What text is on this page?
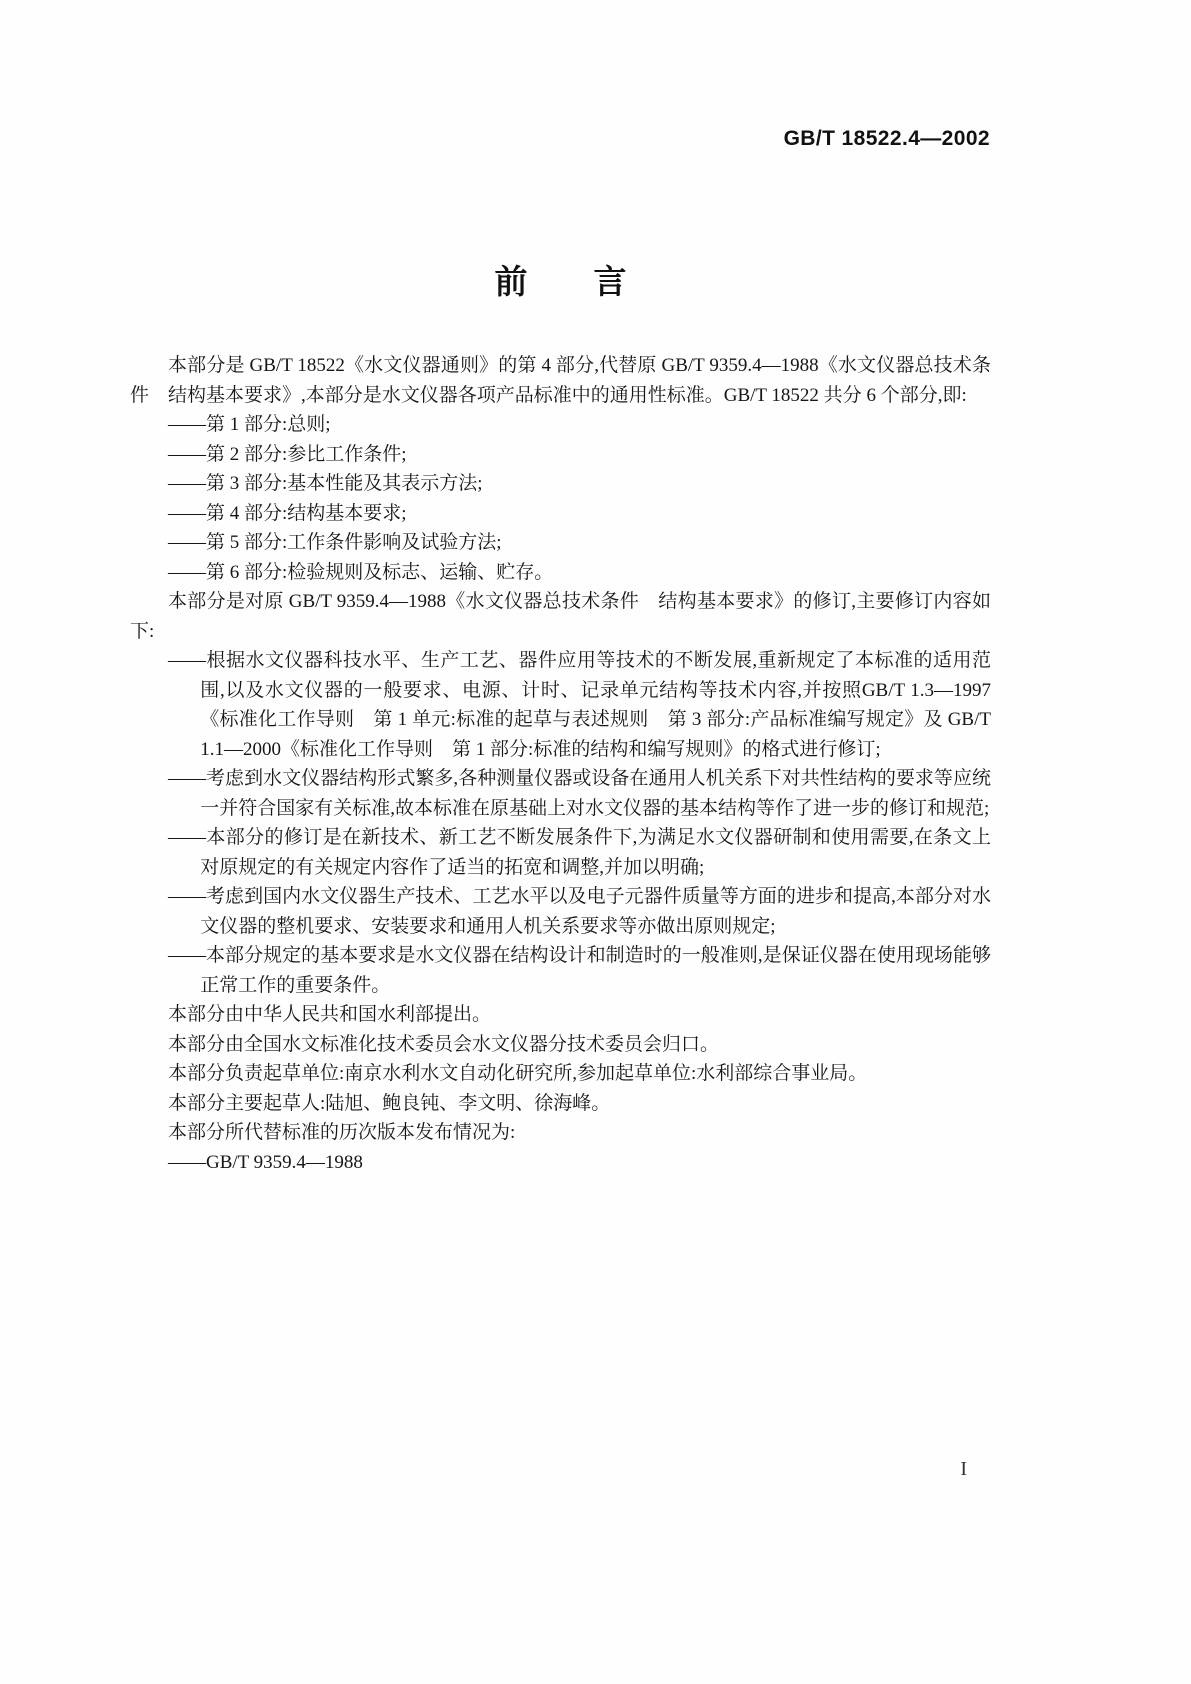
GB/T 18522.4—2002
前　　言

本部分是 GB/T 18522《水文仪器通则》的第 4 部分,代替原 GB/T 9359.4—1988《水文仪器总技术条件　结构基本要求》,本部分是水文仪器各项产品标准中的通用性标准。GB/T 18522 共分 6 个部分,即:

——第 1 部分:总则;

——第 2 部分:参比工作条件;

——第 3 部分:基本性能及其表示方法;

——第 4 部分:结构基本要求;

——第 5 部分:工作条件影响及试验方法;

——第 6 部分:检验规则及标志、运输、贮存。

本部分是对原 GB/T 9359.4—1988《水文仪器总技术条件　结构基本要求》的修订,主要修订内容如下:

——根据水文仪器科技水平、生产工艺、器件应用等技术的不断发展,重新规定了本标准的适用范围,以及水文仪器的一般要求、电源、计时、记录单元结构等技术内容,并按照GB/T 1.3—1997《标准化工作导则　第 1 单元:标准的起草与表述规则　第 3 部分:产品标准编写规定》及 GB/T 1.1—2000《标准化工作导则　第 1 部分:标准的结构和编写规则》的格式进行修订;

——考虑到水文仪器结构形式繁多,各种测量仪器或设备在通用人机关系下对共性结构的要求等应统一并符合国家有关标准,故本标准在原基础上对水文仪器的基本结构等作了进一步的修订和规范;

——本部分的修订是在新技术、新工艺不断发展条件下,为满足水文仪器研制和使用需要,在条文上对原规定的有关规定内容作了适当的拓宽和调整,并加以明确;

——考虑到国内水文仪器生产技术、工艺水平以及电子元器件质量等方面的进步和提高,本部分对水文仪器的整机要求、安装要求和通用人机关系要求等亦做出原则规定;

——本部分规定的基本要求是水文仪器在结构设计和制造时的一般准则,是保证仪器在使用现场能够正常工作的重要条件。

本部分由中华人民共和国水利部提出。

本部分由全国水文标准化技术委员会水文仪器分技术委员会归口。

本部分负责起草单位:南京水利水文自动化研究所,参加起草单位:水利部综合事业局。

本部分主要起草人:陆旭、鲍良钝、李文明、徐海峰。

本部分所代替标准的历次版本发布情况为:

——GB/T 9359.4—1988

I
